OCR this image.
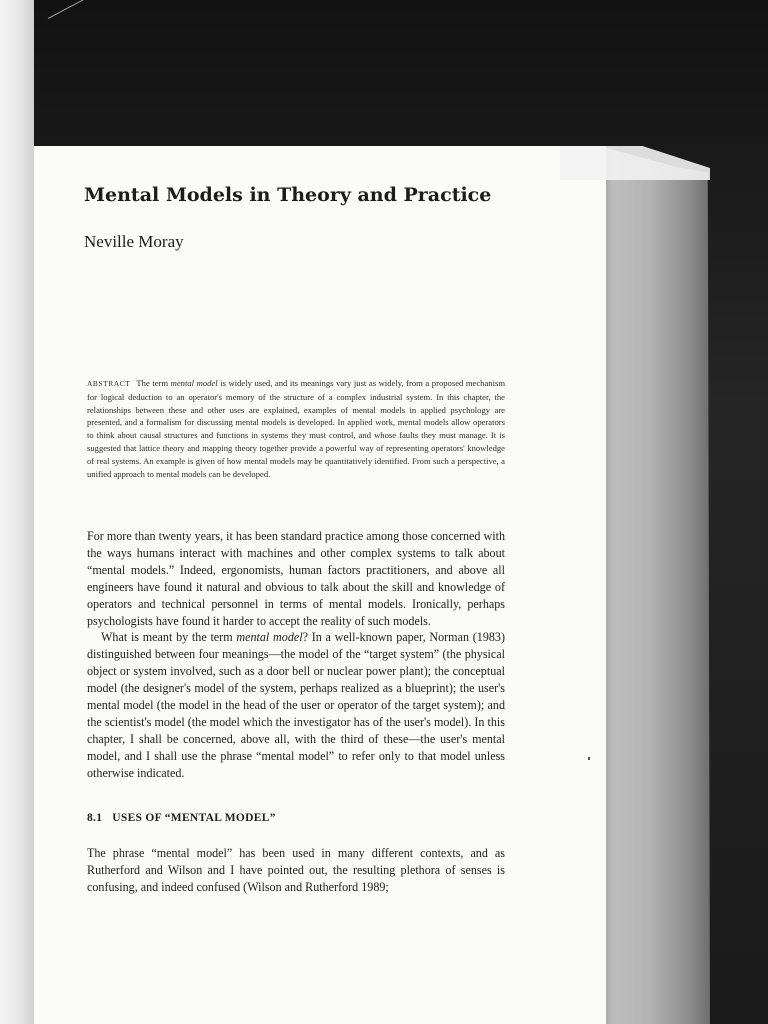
Mental Models in Theory and Practice
Neville Moray

ABSTRACT The term mental model is widely used, and its meanings vary just as widely, from a proposed mechanism for logical deduction to an operator's memory of the structure of a complex industrial system. In this chapter, the relationships between these and other uses are explained, examples of mental models in applied psychology are presented, and a formalism for discussing mental models is developed. In applied work, mental models allow operators to think about causal structures and functions in systems they must control, and whose faults they must manage. It is suggested that lattice theory and mapping theory together provide a powerful way of representing operators' knowledge of real systems. An example is given of how mental models may be quantitatively identified. From such a perspective, a unified approach to mental models can be developed.

For more than twenty years, it has been standard practice among those concerned with the ways humans interact with machines and other complex systems to talk about “mental models.” Indeed, ergonomists, human factors practitioners, and above all engineers have found it natural and obvious to talk about the skill and knowledge of operators and technical personnel in terms of mental models. Ironically, perhaps psychologists have found it harder to accept the reality of such models.

What is meant by the term mental model? In a well-known paper, Norman (1983) distinguished between four meanings—the model of the “target system” (the physical object or system involved, such as a door bell or nuclear power plant); the conceptual model (the designer's model of the system, perhaps realized as a blueprint); the user's mental model (the model in the head of the user or operator of the target system); and the scientist's model (the model which the investigator has of the user's model). In this chapter, I shall be concerned, above all, with the third of these—the user's mental model, and I shall use the phrase “mental model” to refer only to that model unless otherwise indicated.

8.1 USES OF “MENTAL MODEL”

The phrase “mental model” has been used in many different contexts, and as Rutherford and Wilson and I have pointed out, the resulting plethora of senses is confusing, and indeed confused (Wilson and Rutherford 1989;
